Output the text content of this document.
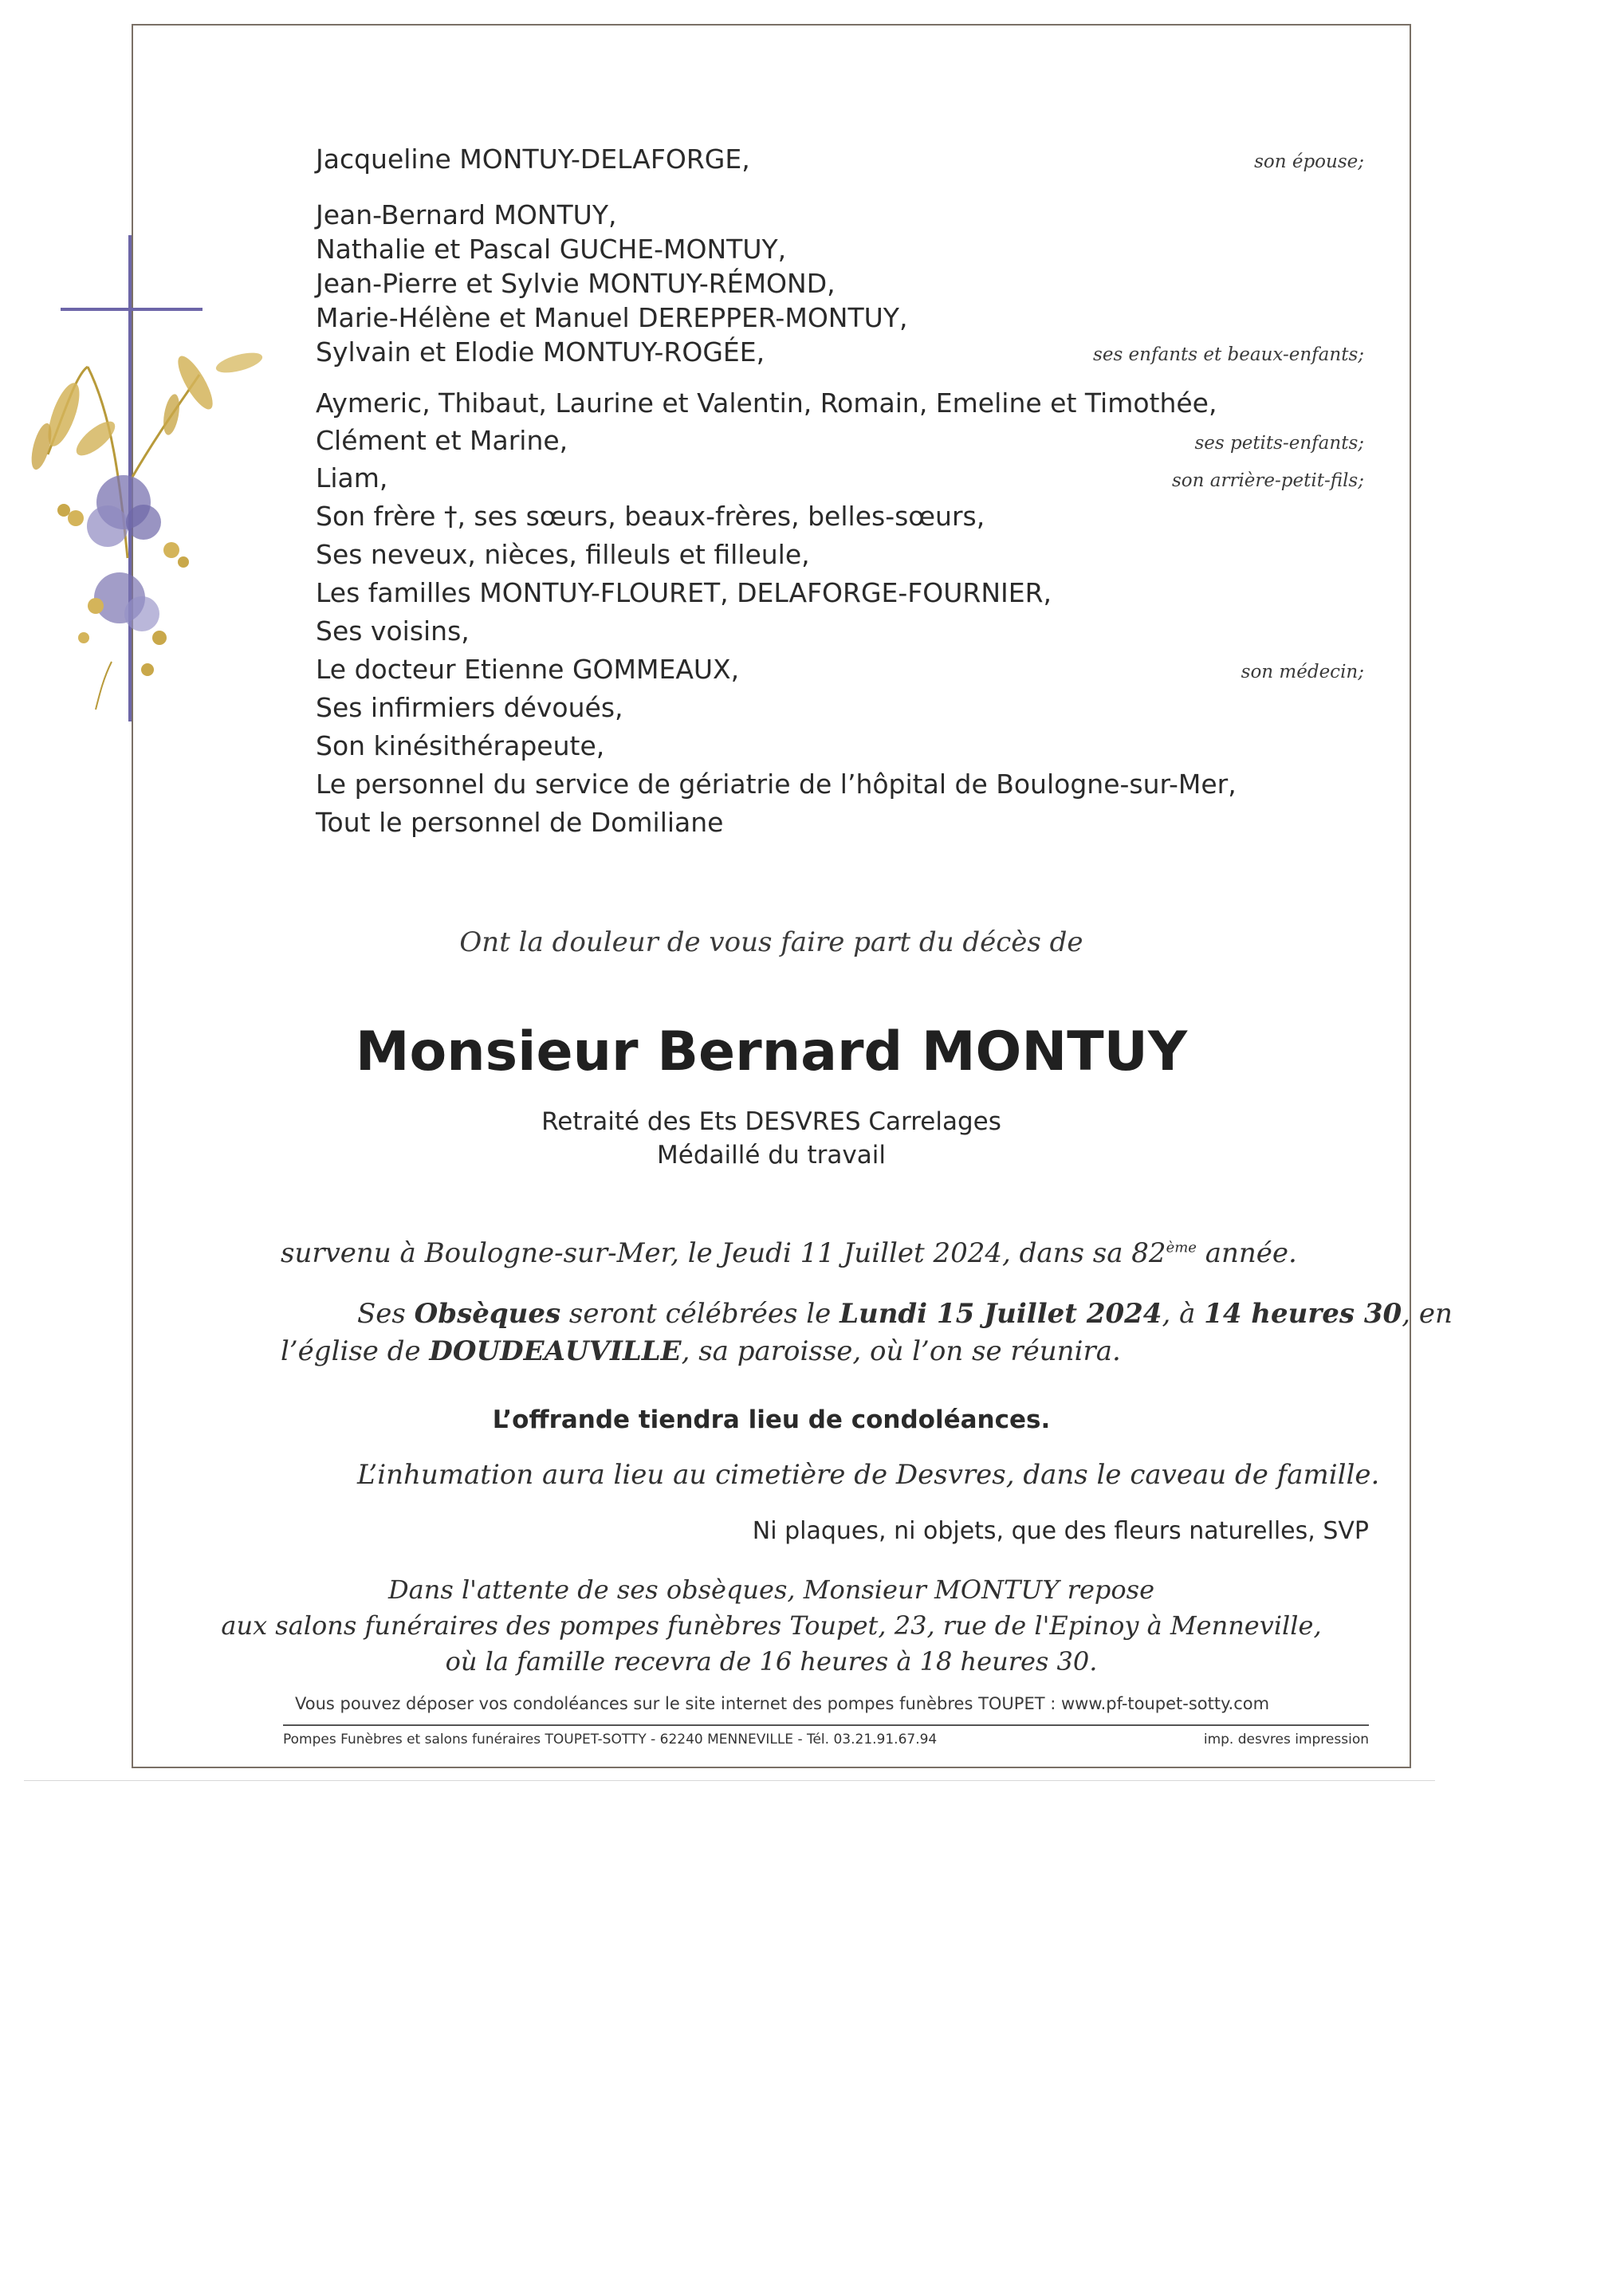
Jacqueline MONTUY-DELAFORGE,	son épouse;
Jean-Bernard MONTUY,
Nathalie et Pascal GUCHE-MONTUY,
Jean-Pierre et Sylvie MONTUY-RÉMOND,
Marie-Hélène et Manuel DEREPPER-MONTUY,
Sylvain et Elodie MONTUY-ROGÉE,	ses enfants et beaux-enfants;
Aymeric, Thibaut, Laurine et Valentin, Romain, Emeline et Timothée,
Clément et Marine,	ses petits-enfants;
Liam,	son arrière-petit-fils;
Son frère †, ses sœurs, beaux-frères, belles-sœurs,
Ses neveux, nièces, filleuls et filleule,
Les familles MONTUY-FLOURET, DELAFORGE-FOURNIER,
Ses voisins,
Le docteur Etienne GOMMEAUX,	son médecin;
Ses infirmiers dévoués,
Son kinésithérapeute,
Le personnel du service de gériatrie de l’hôpital de Boulogne-sur-Mer,
Tout le personnel de Domiliane
Ont la douleur de vous faire part du décès de
Monsieur Bernard MONTUY
Retraité des Ets DESVRES Carrelages
Médaillé du travail
survenu à Boulogne-sur-Mer, le Jeudi 11 Juillet 2024, dans sa 82ème année.
Ses Obsèques seront célébrées le Lundi 15 Juillet 2024, à 14 heures 30, en
l’église de DOUDEAUVILLE, sa paroisse, où l’on se réunira.
L’offrande tiendra lieu de condoléances.
L’inhumation aura lieu au cimetière de Desvres, dans le caveau de famille.
Ni plaques, ni objets, que des fleurs naturelles, SVP
Dans l'attente de ses obsèques, Monsieur MONTUY repose
aux salons funéraires des pompes funèbres Toupet, 23, rue de l'Epinoy à Menneville,
où la famille recevra de 16 heures à 18 heures 30.
Vous pouvez déposer vos condoléances sur le site internet des pompes funèbres TOUPET : www.pf-toupet-sotty.com
Pompes Funèbres et salons funéraires TOUPET-SOTTY - 62240 MENNEVILLE - Tél. 03.21.91.67.94	imp. desvres impression
